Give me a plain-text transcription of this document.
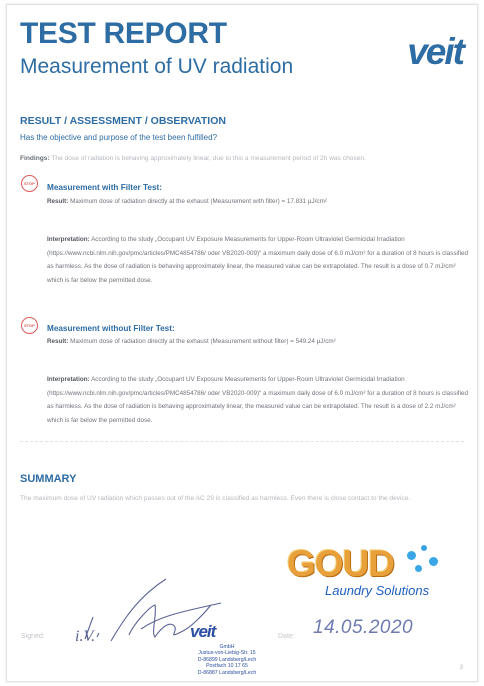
TEST REPORT
Measurement of UV radiation	veit
RESULT / ASSESSMENT / OBSERVATION
Has the objective and purpose of the test been fulfilled?
Findings: The dose of radiation is behaving approximately linear, due to this a measurement period of 2h was chosen.
STOP Measurement with Filter Test:
Result: Maximum dose of radiation directly at the exhaust (Measurement with filter) = 17.831 µJ/cm²
Interpretation: According to the study „Occupant UV Exposure Measurements for Upper-Room Ultraviolet Germicidal Irradiation (https://www.ncbi.nlm.nih.gov/pmc/articles/PMC4854786/ oder VB2020-009)“ a maximum daily dose of 6.0 mJ/cm² for a duration of 8 hours is classified as harmless. As the dose of radiation is behaving approximately linear, the measured value can be extrapolated. The result is a dose of 0.7 mJ/cm² which is far below the permitted dose.
STOP Measurement without Filter Test:
Result: Maximum dose of radiation directly at the exhaust (Measurement without filter) = 549.24 µJ/cm²
Interpretation: According to the study „Occupant UV Exposure Measurements for Upper-Room Ultraviolet Germicidal Irradiation (https://www.ncbi.nlm.nih.gov/pmc/articles/PMC4854786/ oder VB2020-009)“ a maximum daily dose of 6.0 mJ/cm² for a duration of 8 hours is classified as harmless. As the dose of radiation is behaving approximately linear, the measured value can be extrapolated. The result is a dose of 2.2 mJ/cm² which is far below the permitted dose.
SUMMARY
The maximum dose of UV radiation which passes out of the AC 29 is classified as harmless. Even there is close contact to the device.
GOUD
Laundry Solutions
Signed: i.V.	veit
GmbH
Justus-von-Liebig-Str. 15
D-86899 Landsberg/Lech
Postfach 10 17 65
D-86887 Landsberg/Lech
Date: 14.05.2020
3
